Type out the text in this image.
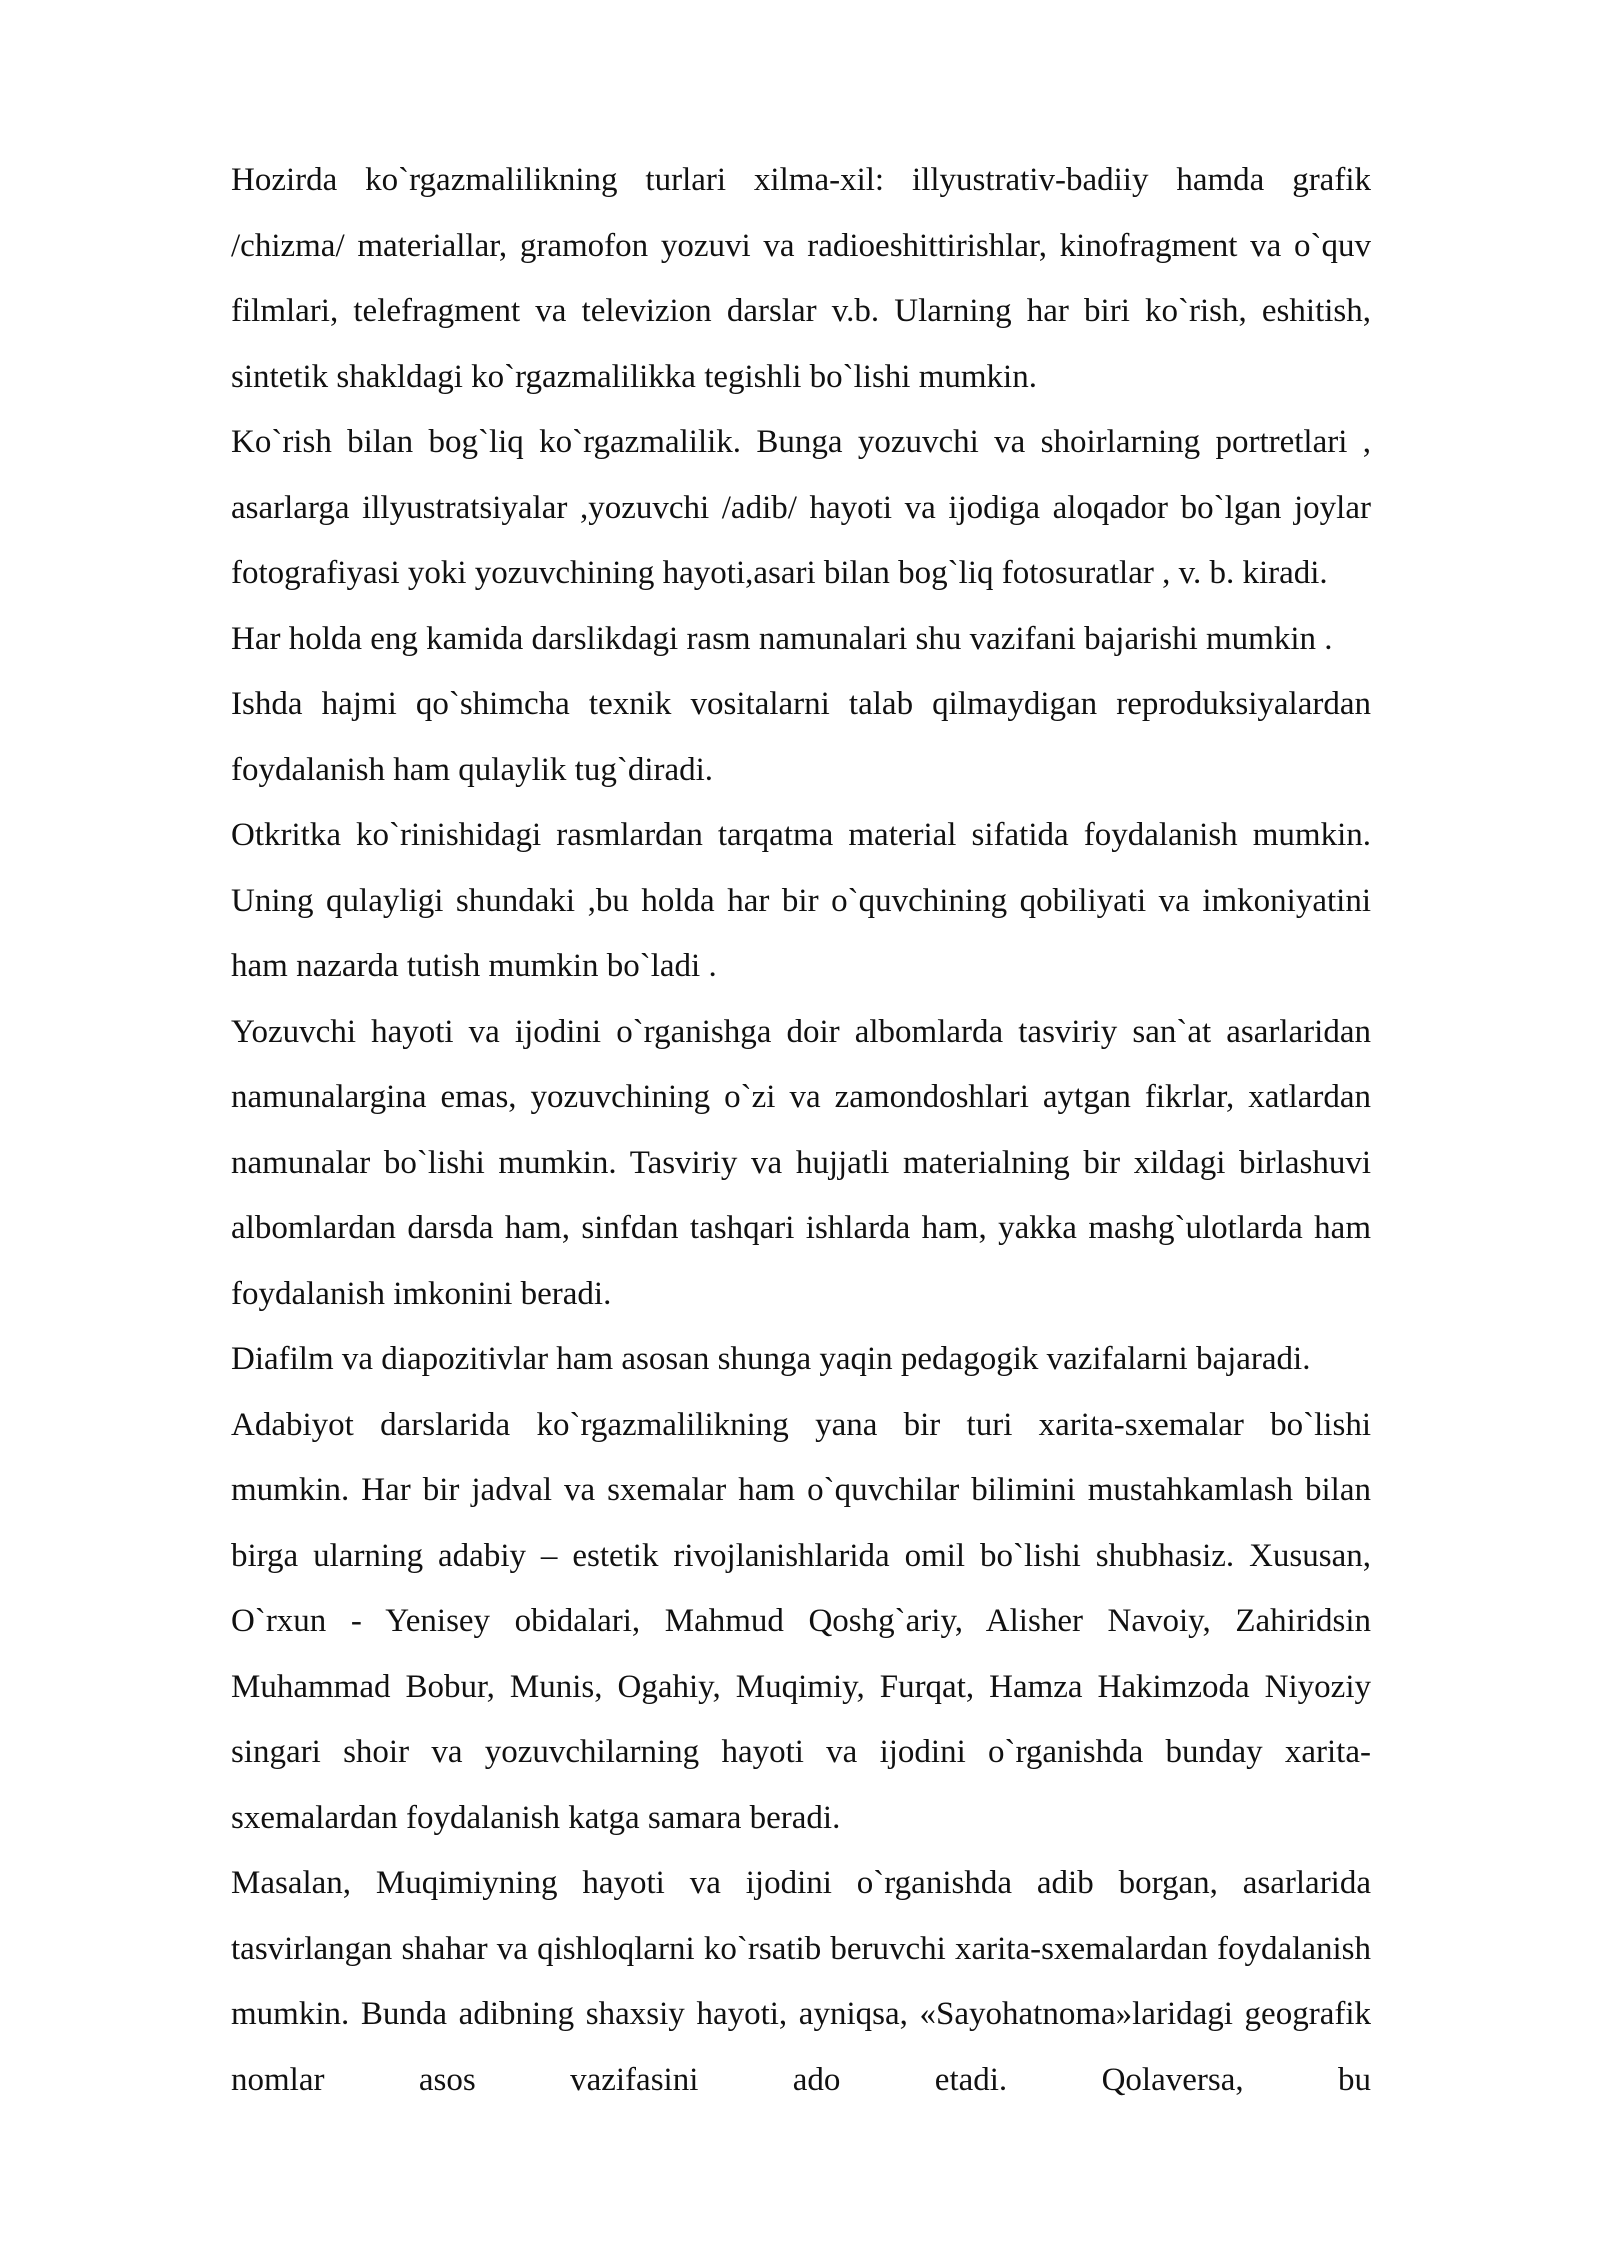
Hozirda ko`rgazmalilikning turlari xilma-xil: illyustrativ-badiiy hamda grafik /chizma/ materiallar, gramofon yozuvi va radioeshittirishlar, kinofragment va o`quv filmlari, telefragment va televizion darslar v.b. Ularning har biri ko`rish, eshitish, sintetik shakldagi ko`rgazmalilikka tegishli bo`lishi mumkin.

Ko`rish bilan bog`liq ko`rgazmalilik. Bunga yozuvchi va shoirlarning portretlari , asarlarga illyustratsiyalar ,yozuvchi /adib/ hayoti va ijodiga aloqador bo`lgan joylar fotografiyasi yoki yozuvchining hayoti,asari bilan bog`liq fotosuratlar , v. b. kiradi.

Har holda eng kamida darslikdagi rasm namunalari shu vazifani bajarishi mumkin .

Ishda hajmi qo`shimcha texnik vositalarni talab qilmaydigan reproduksiyalardan foydalanish ham qulaylik tug`diradi.

Otkritka ko`rinishidagi rasmlardan tarqatma material sifatida foydalanish mumkin. Uning qulayligi shundaki ,bu holda har bir o`quvchining qobiliyati va imkoniyatini ham nazarda tutish mumkin bo`ladi .

Yozuvchi hayoti va ijodini o`rganishga doir albomlarda tasviriy san`at asarlaridan namunalargina emas, yozuvchining o`zi va zamondoshlari aytgan fikrlar, xatlardan namunalar bo`lishi mumkin. Tasviriy va hujjatli materialning bir xildagi birlashuvi albomlardan darsda ham, sinfdan tashqari ishlarda ham, yakka mashg`ulotlarda ham foydalanish imkonini beradi.

Diafilm va diapozitivlar ham asosan shunga yaqin pedagogik vazifalarni bajaradi.

Adabiyot darslarida ko`rgazmalilikning yana bir turi xarita-sxemalar bo`lishi mumkin. Har bir jadval va sxemalar ham o`quvchilar bilimini mustahkamlash bilan birga ularning adabiy – estetik rivojlanishlarida omil bo`lishi shubhasiz. Xususan, O`rxun - Yenisey obidalari, Mahmud Qoshg`ariy, Alisher Navoiy, Zahiridsin Muhammad Bobur, Munis, Ogahiy, Muqimiy, Furqat, Hamza Hakimzoda Niyoziy singari shoir va yozuvchilarning hayoti va ijodini o`rganishda bunday xarita-sxemalardan foydalanish katga samara beradi.

Masalan, Muqimiyning hayoti va ijodini o`rganishda adib borgan, asarlarida tasvirlangan shahar va qishloqlarni ko`rsatib beruvchi xarita-sxemalardan foydalanish mumkin. Bunda adibning shaxsiy hayoti, ayniqsa, «Sayohatnoma»laridagi geografik nomlar asos vazifasini ado etadi. Qolaversa, bu
